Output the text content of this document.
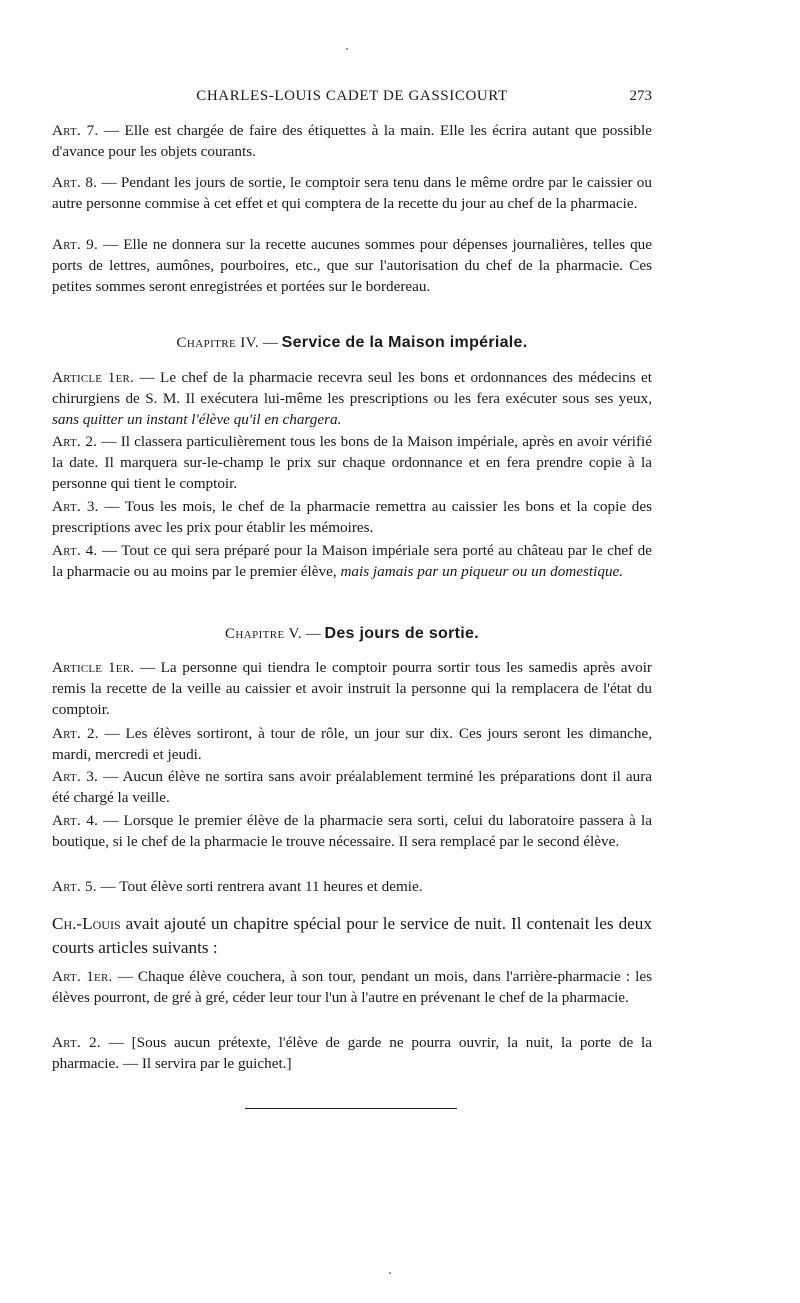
CHARLES-LOUIS CADET DE GASSICOURT	273

Art. 7. — Elle est chargée de faire des étiquettes à la main. Elle les écrira autant que possible d'avance pour les objets courants.

Art. 8. — Pendant les jours de sortie, le comptoir sera tenu dans le même ordre par le caissier ou autre personne commise à cet effet et qui comptera de la recette du jour au chef de la pharmacie.

Art. 9. — Elle ne donnera sur la recette aucunes sommes pour dépenses journalières, telles que ports de lettres, aumônes, pourboires, etc., que sur l'autorisation du chef de la pharmacie. Ces petites sommes seront enregistrées et portées sur le bordereau.

Chapitre IV. — Service de la Maison impériale.

Article 1er. — Le chef de la pharmacie recevra seul les bons et ordonnances des médecins et chirurgiens de S. M. Il exécutera lui-même les prescriptions ou les fera exécuter sous ses yeux, sans quitter un instant l'élève qu'il en chargera.

Art. 2. — Il classera particulièrement tous les bons de la Maison impériale, après en avoir vérifié la date. Il marquera sur-le-champ le prix sur chaque ordonnance et en fera prendre copie à la personne qui tient le comptoir.

Art. 3. — Tous les mois, le chef de la pharmacie remettra au caissier les bons et la copie des prescriptions avec les prix pour établir les mémoires.

Art. 4. — Tout ce qui sera préparé pour la Maison impériale sera porté au château par le chef de la pharmacie ou au moins par le premier élève, mais jamais par un piqueur ou un domestique.

Chapitre V. — Des jours de sortie.

Article 1er. — La personne qui tiendra le comptoir pourra sortir tous les samedis après avoir remis la recette de la veille au caissier et avoir instruit la personne qui la remplacera de l'état du comptoir.

Art. 2. — Les élèves sortiront, à tour de rôle, un jour sur dix. Ces jours seront les dimanche, mardi, mercredi et jeudi.

Art. 3. — Aucun élève ne sortira sans avoir préalablement terminé les préparations dont il aura été chargé la veille.

Art. 4. — Lorsque le premier élève de la pharmacie sera sorti, celui du laboratoire passera à la boutique, si le chef de la pharmacie le trouve nécessaire. Il sera remplacé par le second élève.

Art. 5. — Tout élève sorti rentrera avant 11 heures et demie.

Ch.-Louis avait ajouté un chapitre spécial pour le service de nuit. Il contenait les deux courts articles suivants :

Art. 1er. — Chaque élève couchera, à son tour, pendant un mois, dans l'arrière-pharmacie : les élèves pourront, de gré à gré, céder leur tour l'un à l'autre en prévenant le chef de la pharmacie.

Art. 2. — [Sous aucun prétexte, l'élève de garde ne pourra ouvrir, la nuit, la porte de la pharmacie. — Il servira par le guichet.]
